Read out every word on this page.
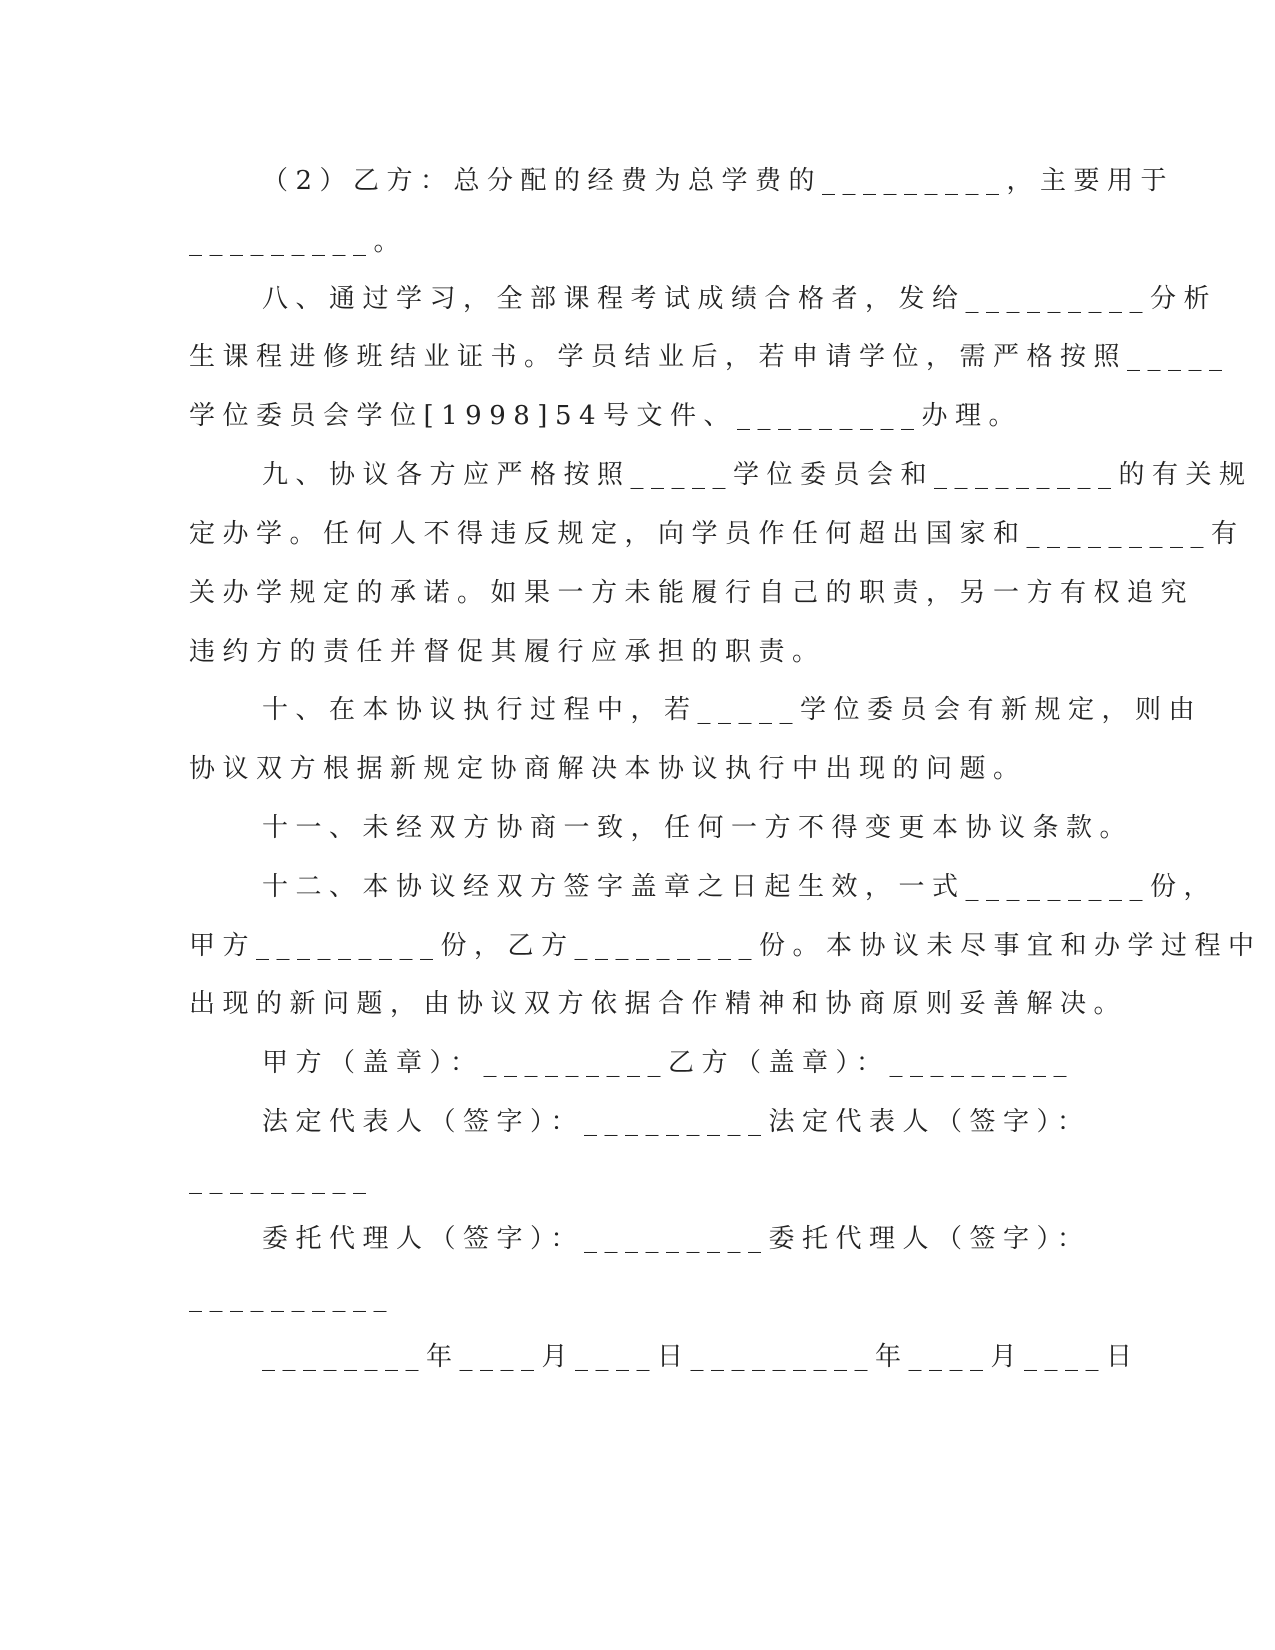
（2）乙方：总分配的经费为总学费的_________，主要用于
_________。
八、通过学习，全部课程考试成绩合格者，发给_________分析
生课程进修班结业证书。学员结业后，若申请学位，需严格按照_____
学位委员会学位[1998]54号文件、_________办理。
九、协议各方应严格按照_____学位委员会和_________的有关规
定办学。任何人不得违反规定，向学员作任何超出国家和_________有
关办学规定的承诺。如果一方未能履行自己的职责，另一方有权追究
违约方的责任并督促其履行应承担的职责。
十、在本协议执行过程中，若_____学位委员会有新规定，则由
协议双方根据新规定协商解决本协议执行中出现的问题。
十一、未经双方协商一致，任何一方不得变更本协议条款。
十二、本协议经双方签字盖章之日起生效，一式_________份，
甲方_________份，乙方_________份。本协议未尽事宜和办学过程中
出现的新问题，由协议双方依据合作精神和协商原则妥善解决。
甲方（盖章）：_________乙方（盖章）：_________
法定代表人（签字）：_________法定代表人（签字）：
_________
委托代理人（签字）：_________委托代理人（签字）：
__________
________年____月____日_________年____月____日
